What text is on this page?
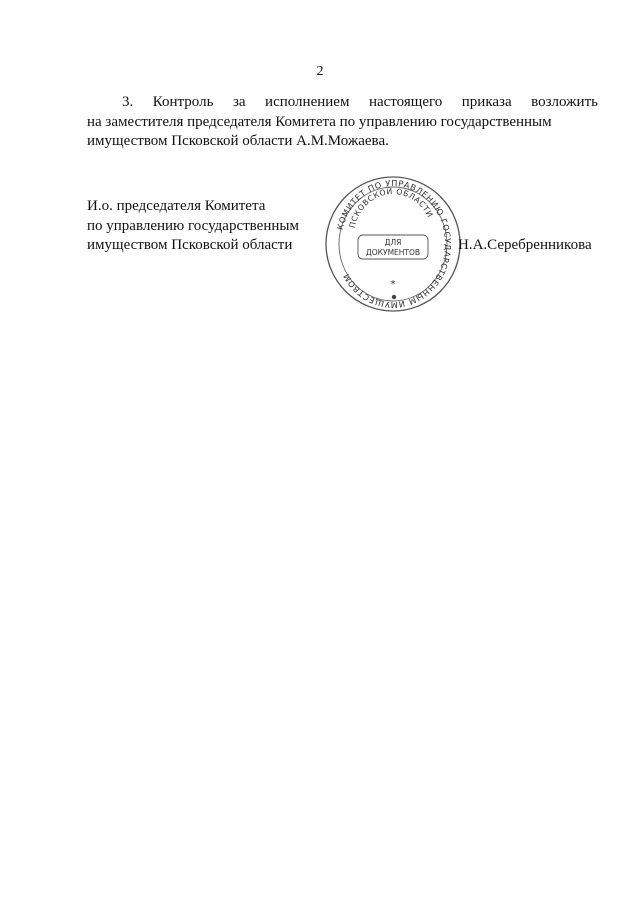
2
3. Контроль за исполнением настоящего приказа возложить
на заместителя председателя Комитета по управлению государственным
имуществом Псковской области А.М.Можаева.
И.о. председателя Комитета
по управлению государственным
имуществом Псковской области
КОМИТЕТ ПО УПРАВЛЕНИЮ ГОСУДАРСТВЕННЫМ ИМУЩЕСТВОМ
ПСКОВСКОЙ ОБЛАСТИ
ДЛЯ
ДОКУМЕНТОВ
*
Н.А.Серебренникова
